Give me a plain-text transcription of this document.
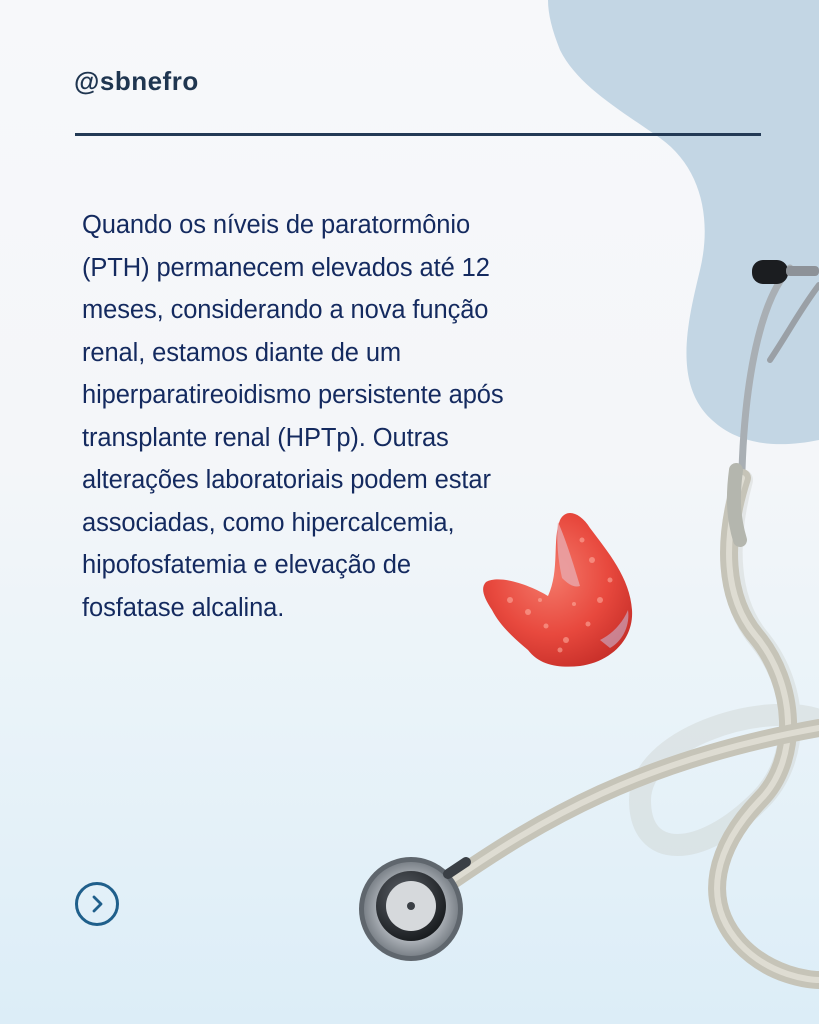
@sbnefro

Quando os níveis de paratormônio (PTH) permanecem elevados até 12 meses, considerando a nova função renal, estamos diante de um hiperparatireoidismo persistente após transplante renal (HPTp). Outras alterações laboratoriais podem estar associadas, como hipercalcemia, hipofosfatemia e elevação de fosfatase alcalina.
